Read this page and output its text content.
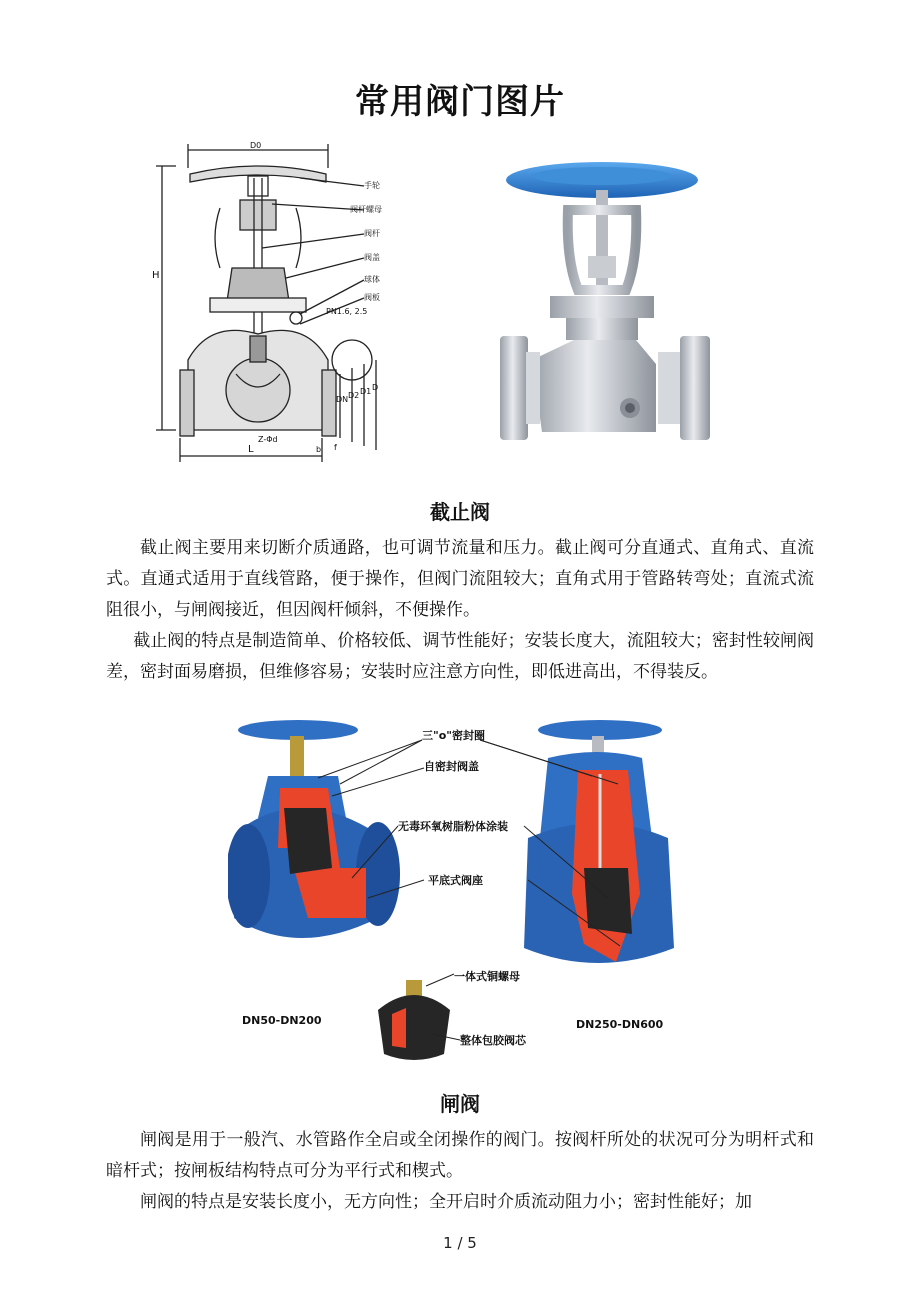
常用阀门图片
D0
H
L
Z-Φd
b f
DN D2 D1 D
手轮
阀杆螺母
阀杆
阀盖
球体
阀板
PN1.6, 2.5
截止阀

截止阀主要用来切断介质通路，也可调节流量和压力。截止阀可分直通式、直角式、直流式。直通式适用于直线管路，便于操作，但阀门流阻较大；直角式用于管路转弯处；直流式流阻很小，与闸阀接近，但因阀杆倾斜，不便操作。

截止阀的特点是制造简单、价格较低、调节性能好；安装长度大，流阻较大；密封性较闸阀差，密封面易磨损，但维修容易；安装时应注意方向性，即低进高出，不得装反。

三"o"密封圈
自密封阀盖
无毒环氧树脂粉体涂装
平底式阀座
一体式铜螺母
整体包胶阀芯
DN50-DN200	DN250-DN600
闸阀

闸阀是用于一般汽、水管路作全启或全闭操作的阀门。按阀杆所处的状况可分为明杆式和暗杆式；按闸板结构特点可分为平行式和楔式。

闸阀的特点是安装长度小，无方向性；全开启时介质流动阻力小；密封性能好；加

1 / 5
